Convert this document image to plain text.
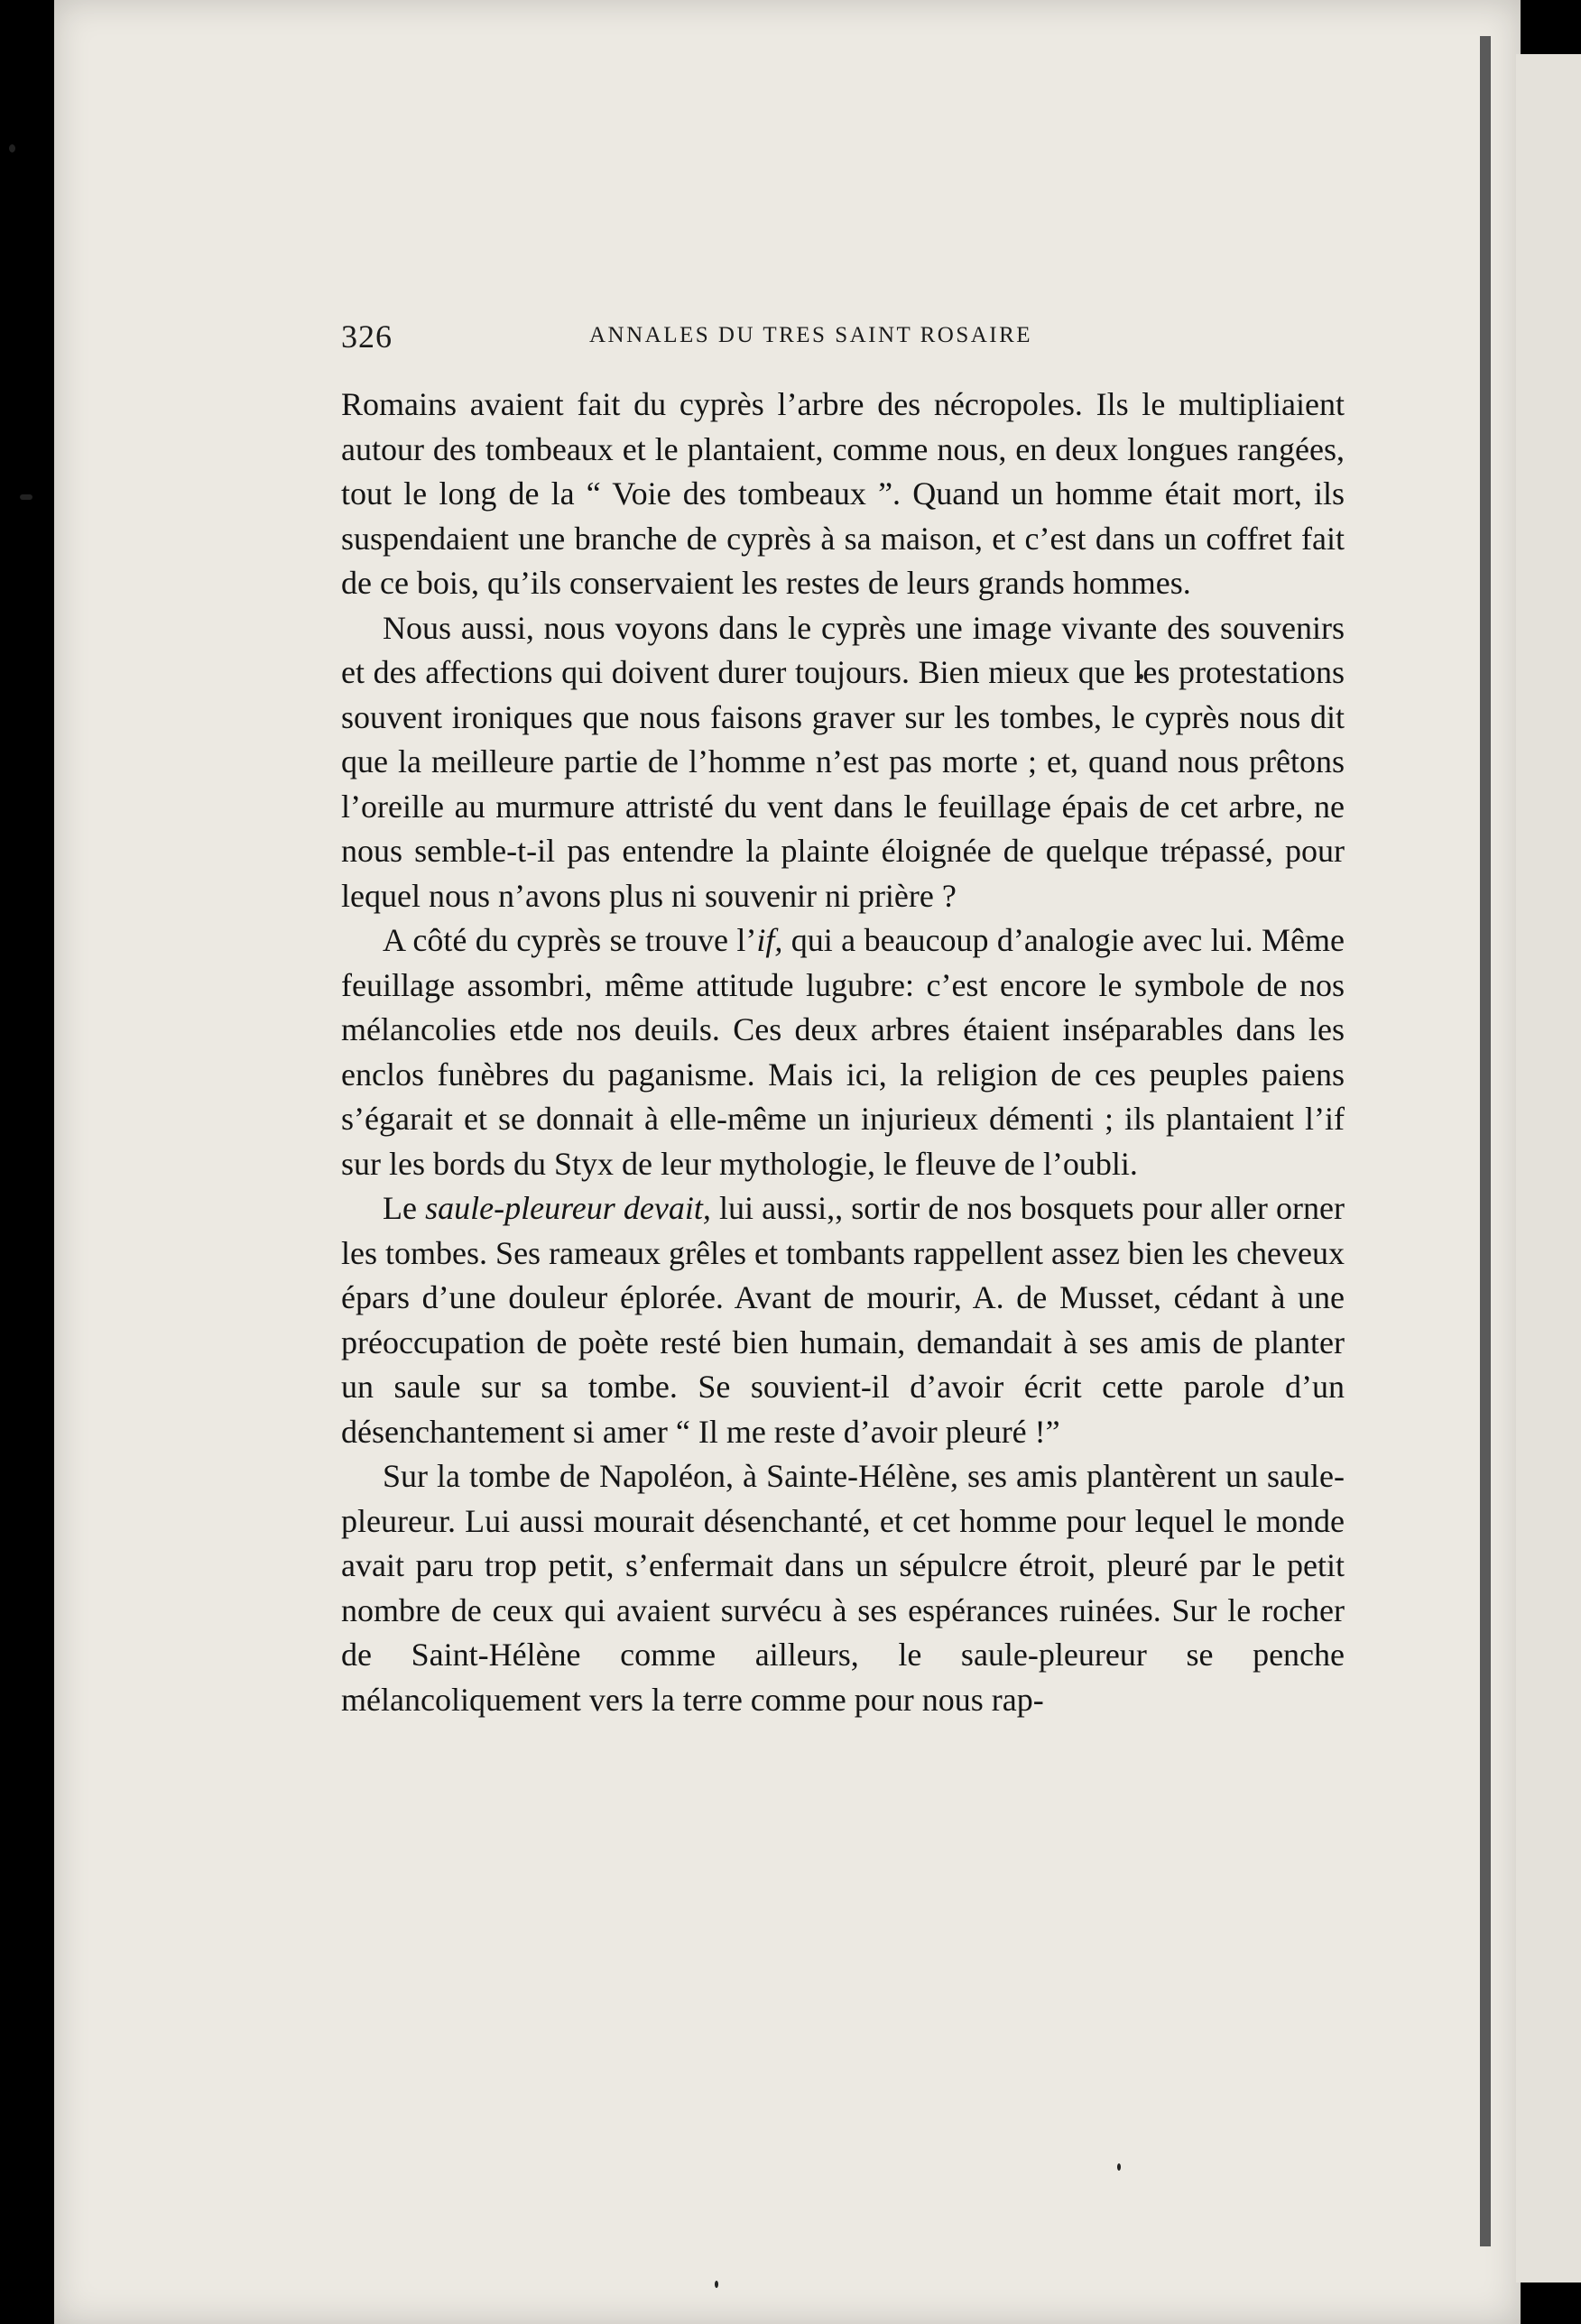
326	ANNALES DU TRES SAINT ROSAIRE

Romains avaient fait du cyprès l’arbre des nécropoles. Ils le multipliaient autour des tombeaux et le plantaient, comme nous, en deux longues rangées, tout le long de la “ Voie des tombeaux ”. Quand un homme était mort, ils suspendaient une branche de cyprès à sa maison, et c’est dans un coffret fait de ce bois, qu’ils conservaient les restes de leurs grands hommes.

Nous aussi, nous voyons dans le cyprès une image vivante des souvenirs et des affections qui doivent durer toujours. Bien mieux que les protestations souvent ironiques que nous faisons graver sur les tombes, le cyprès nous dit que la meilleure partie de l’homme n’est pas morte ; et, quand nous prêtons l’oreille au murmure attristé du vent dans le feuillage épais de cet arbre, ne nous semble-t-il pas entendre la plainte éloignée de quelque trépassé, pour lequel nous n’avons plus ni souvenir ni prière ?

A côté du cyprès se trouve l’if, qui a beaucoup d’analogie avec lui. Même feuillage assombri, même attitude lugubre: c’est encore le symbole de nos mélancolies etde nos deuils. Ces deux arbres étaient inséparables dans les enclos funèbres du paganisme. Mais ici, la religion de ces peuples paiens s’égarait et se donnait à elle-même un injurieux démenti ; ils plantaient l’if sur les bords du Styx de leur mythologie, le fleuve de l’oubli.

Le saule-pleureur devait, lui aussi,, sortir de nos bosquets pour aller orner les tombes. Ses rameaux grêles et tombants rappellent assez bien les cheveux épars d’une douleur éplorée. Avant de mourir, A. de Musset, cédant à une préoccupation de poète resté bien humain, demandait à ses amis de planter un saule sur sa tombe. Se souvient-il d’avoir écrit cette parole d’un désenchantement si amer “ Il me reste d’avoir pleuré !”

Sur la tombe de Napoléon, à Sainte-Hélène, ses amis plantèrent un saule-pleureur. Lui aussi mourait désenchanté, et cet homme pour lequel le monde avait paru trop petit, s’enfermait dans un sépulcre étroit, pleuré par le petit nombre de ceux qui avaient survécu à ses espérances ruinées. Sur le rocher de Saint-Hélène comme ailleurs, le saule-pleureur se penche mélancoliquement vers la terre comme pour nous rap-
